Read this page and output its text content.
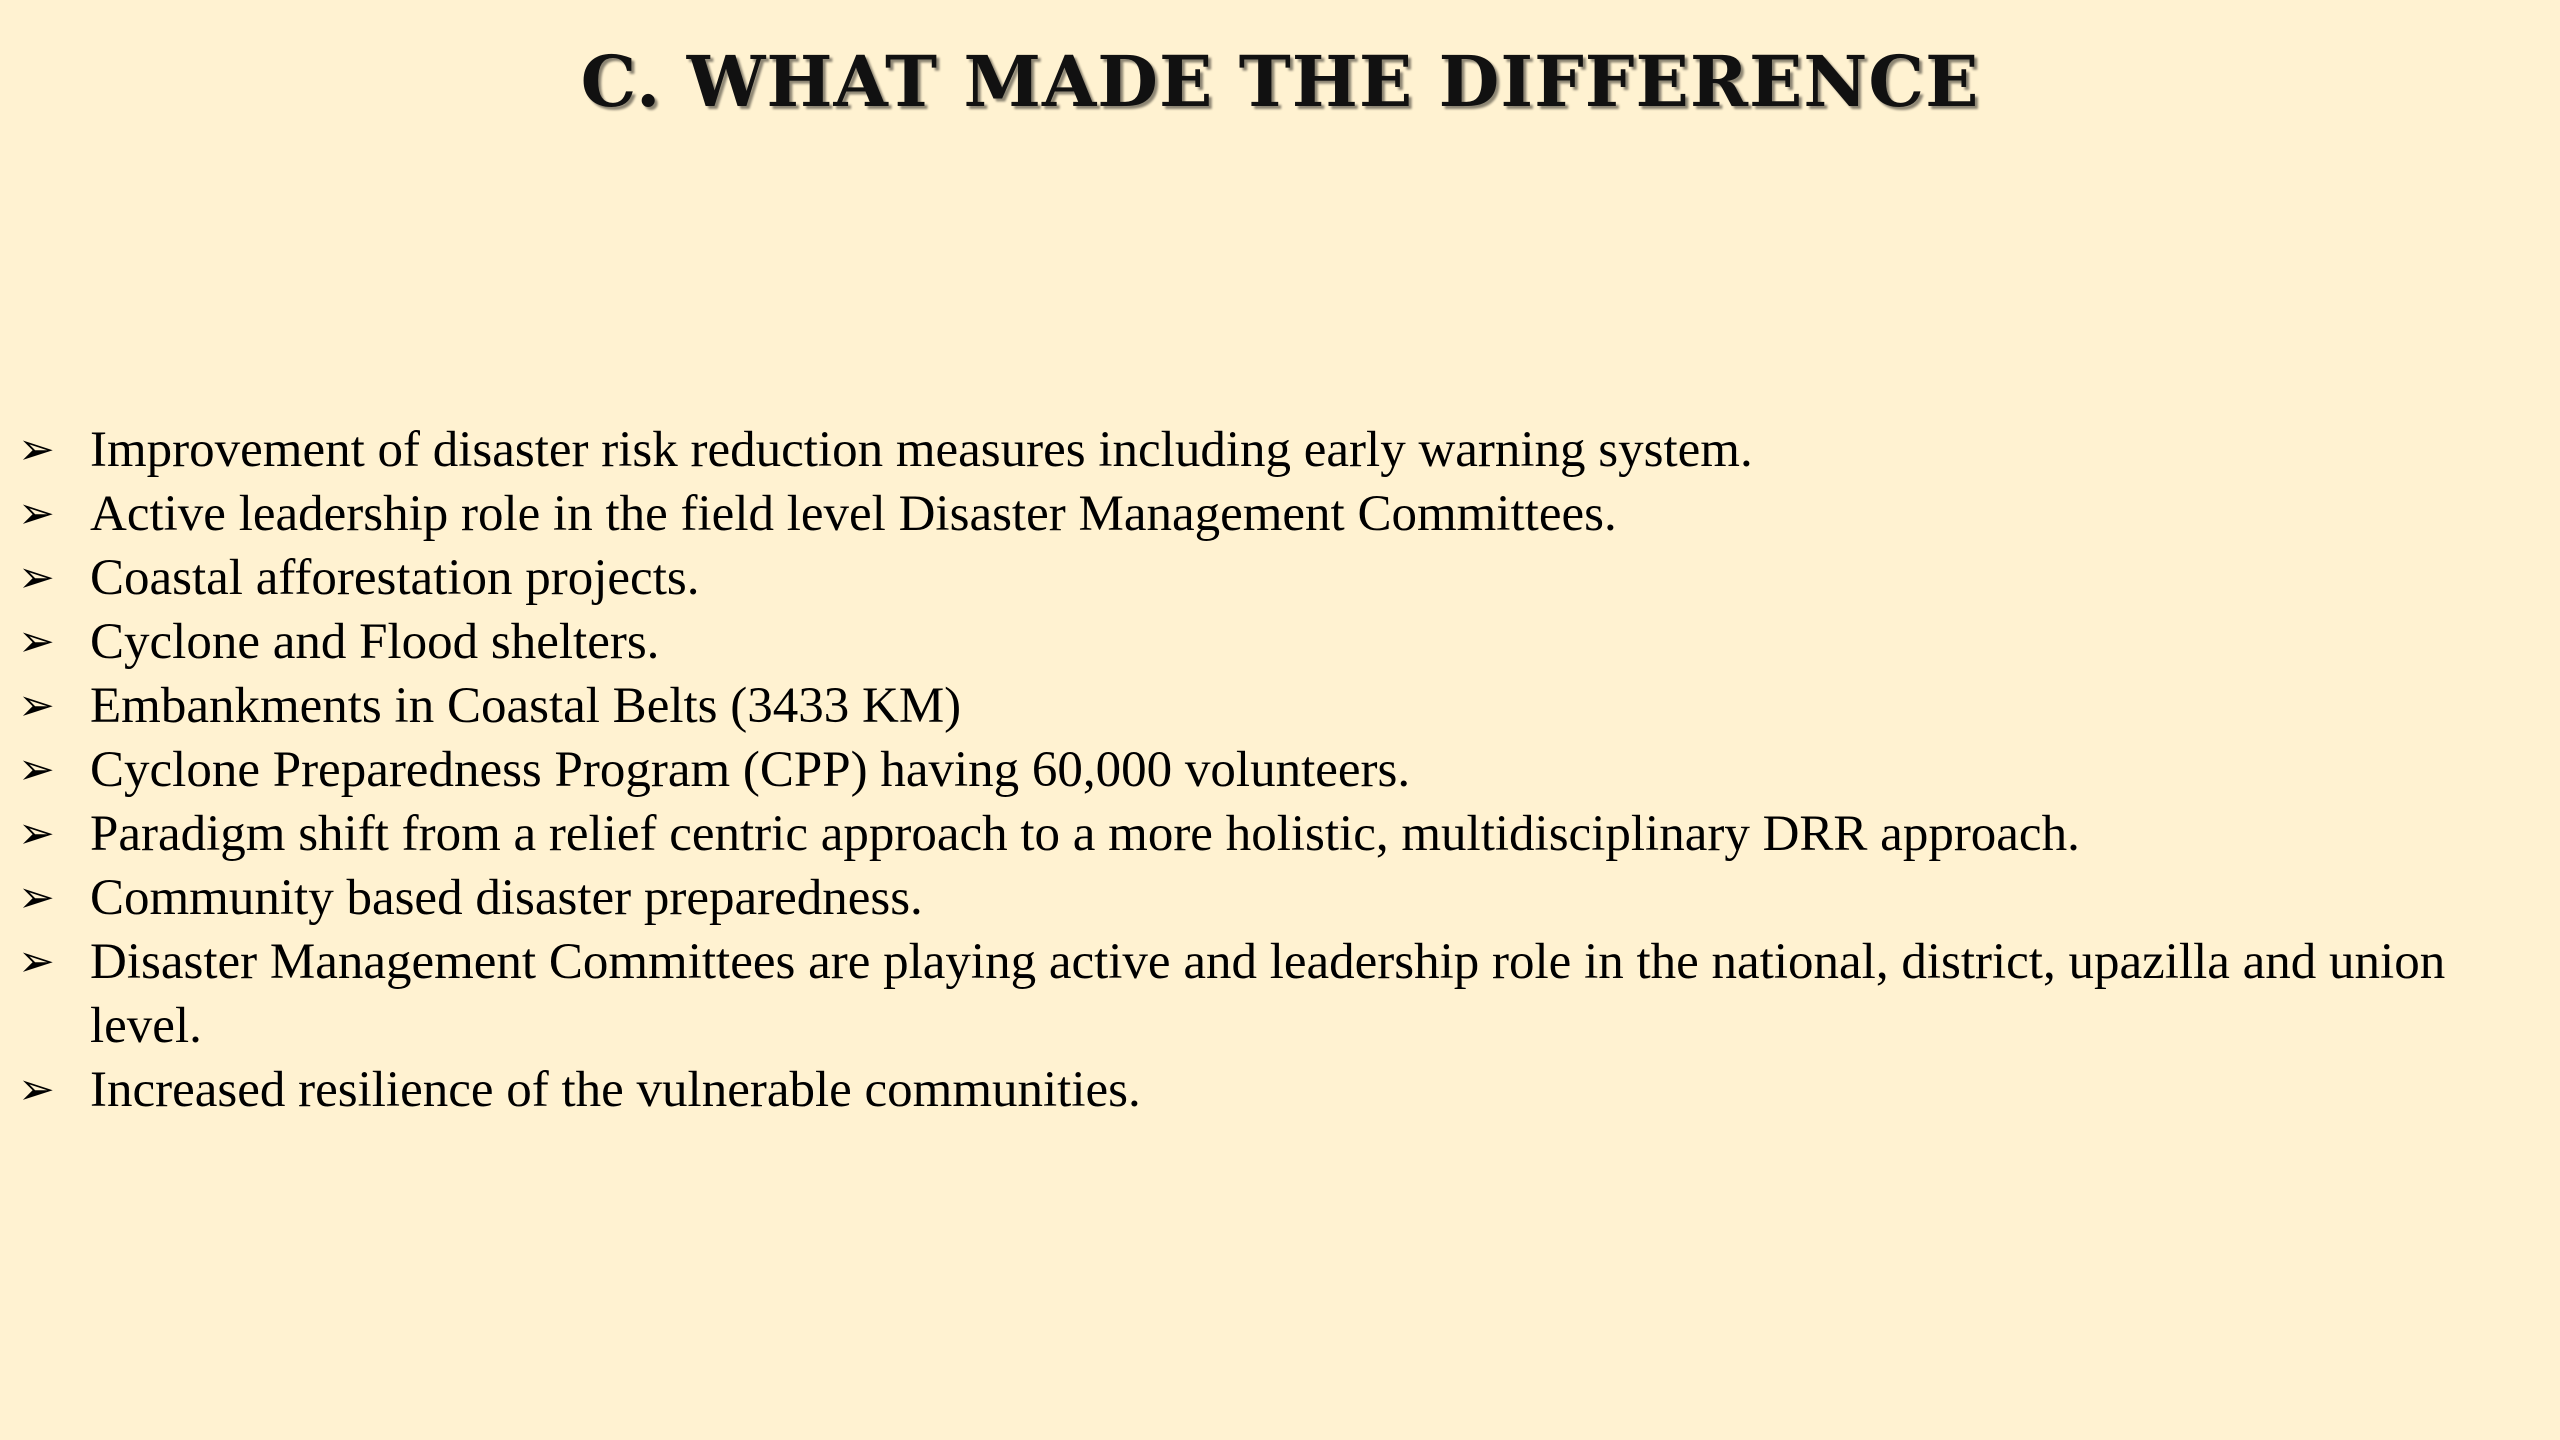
C. WHAT MADE THE DIFFERENCE
➢ Improvement of disaster risk reduction measures including early warning system.
➢ Active leadership role in the field level Disaster Management Committees.
➢ Coastal afforestation projects.
➢ Cyclone and Flood shelters.
➢ Embankments in Coastal Belts (3433 KM)
➢ Cyclone Preparedness Program (CPP) having 60,000 volunteers.
➢ Paradigm shift from a relief centric approach to a more holistic, multidisciplinary DRR approach.
➢ Community based disaster preparedness.
➢ Disaster Management Committees are playing active and leadership role in the national, district, upazilla and union level.
➢ Increased resilience of the vulnerable communities.
